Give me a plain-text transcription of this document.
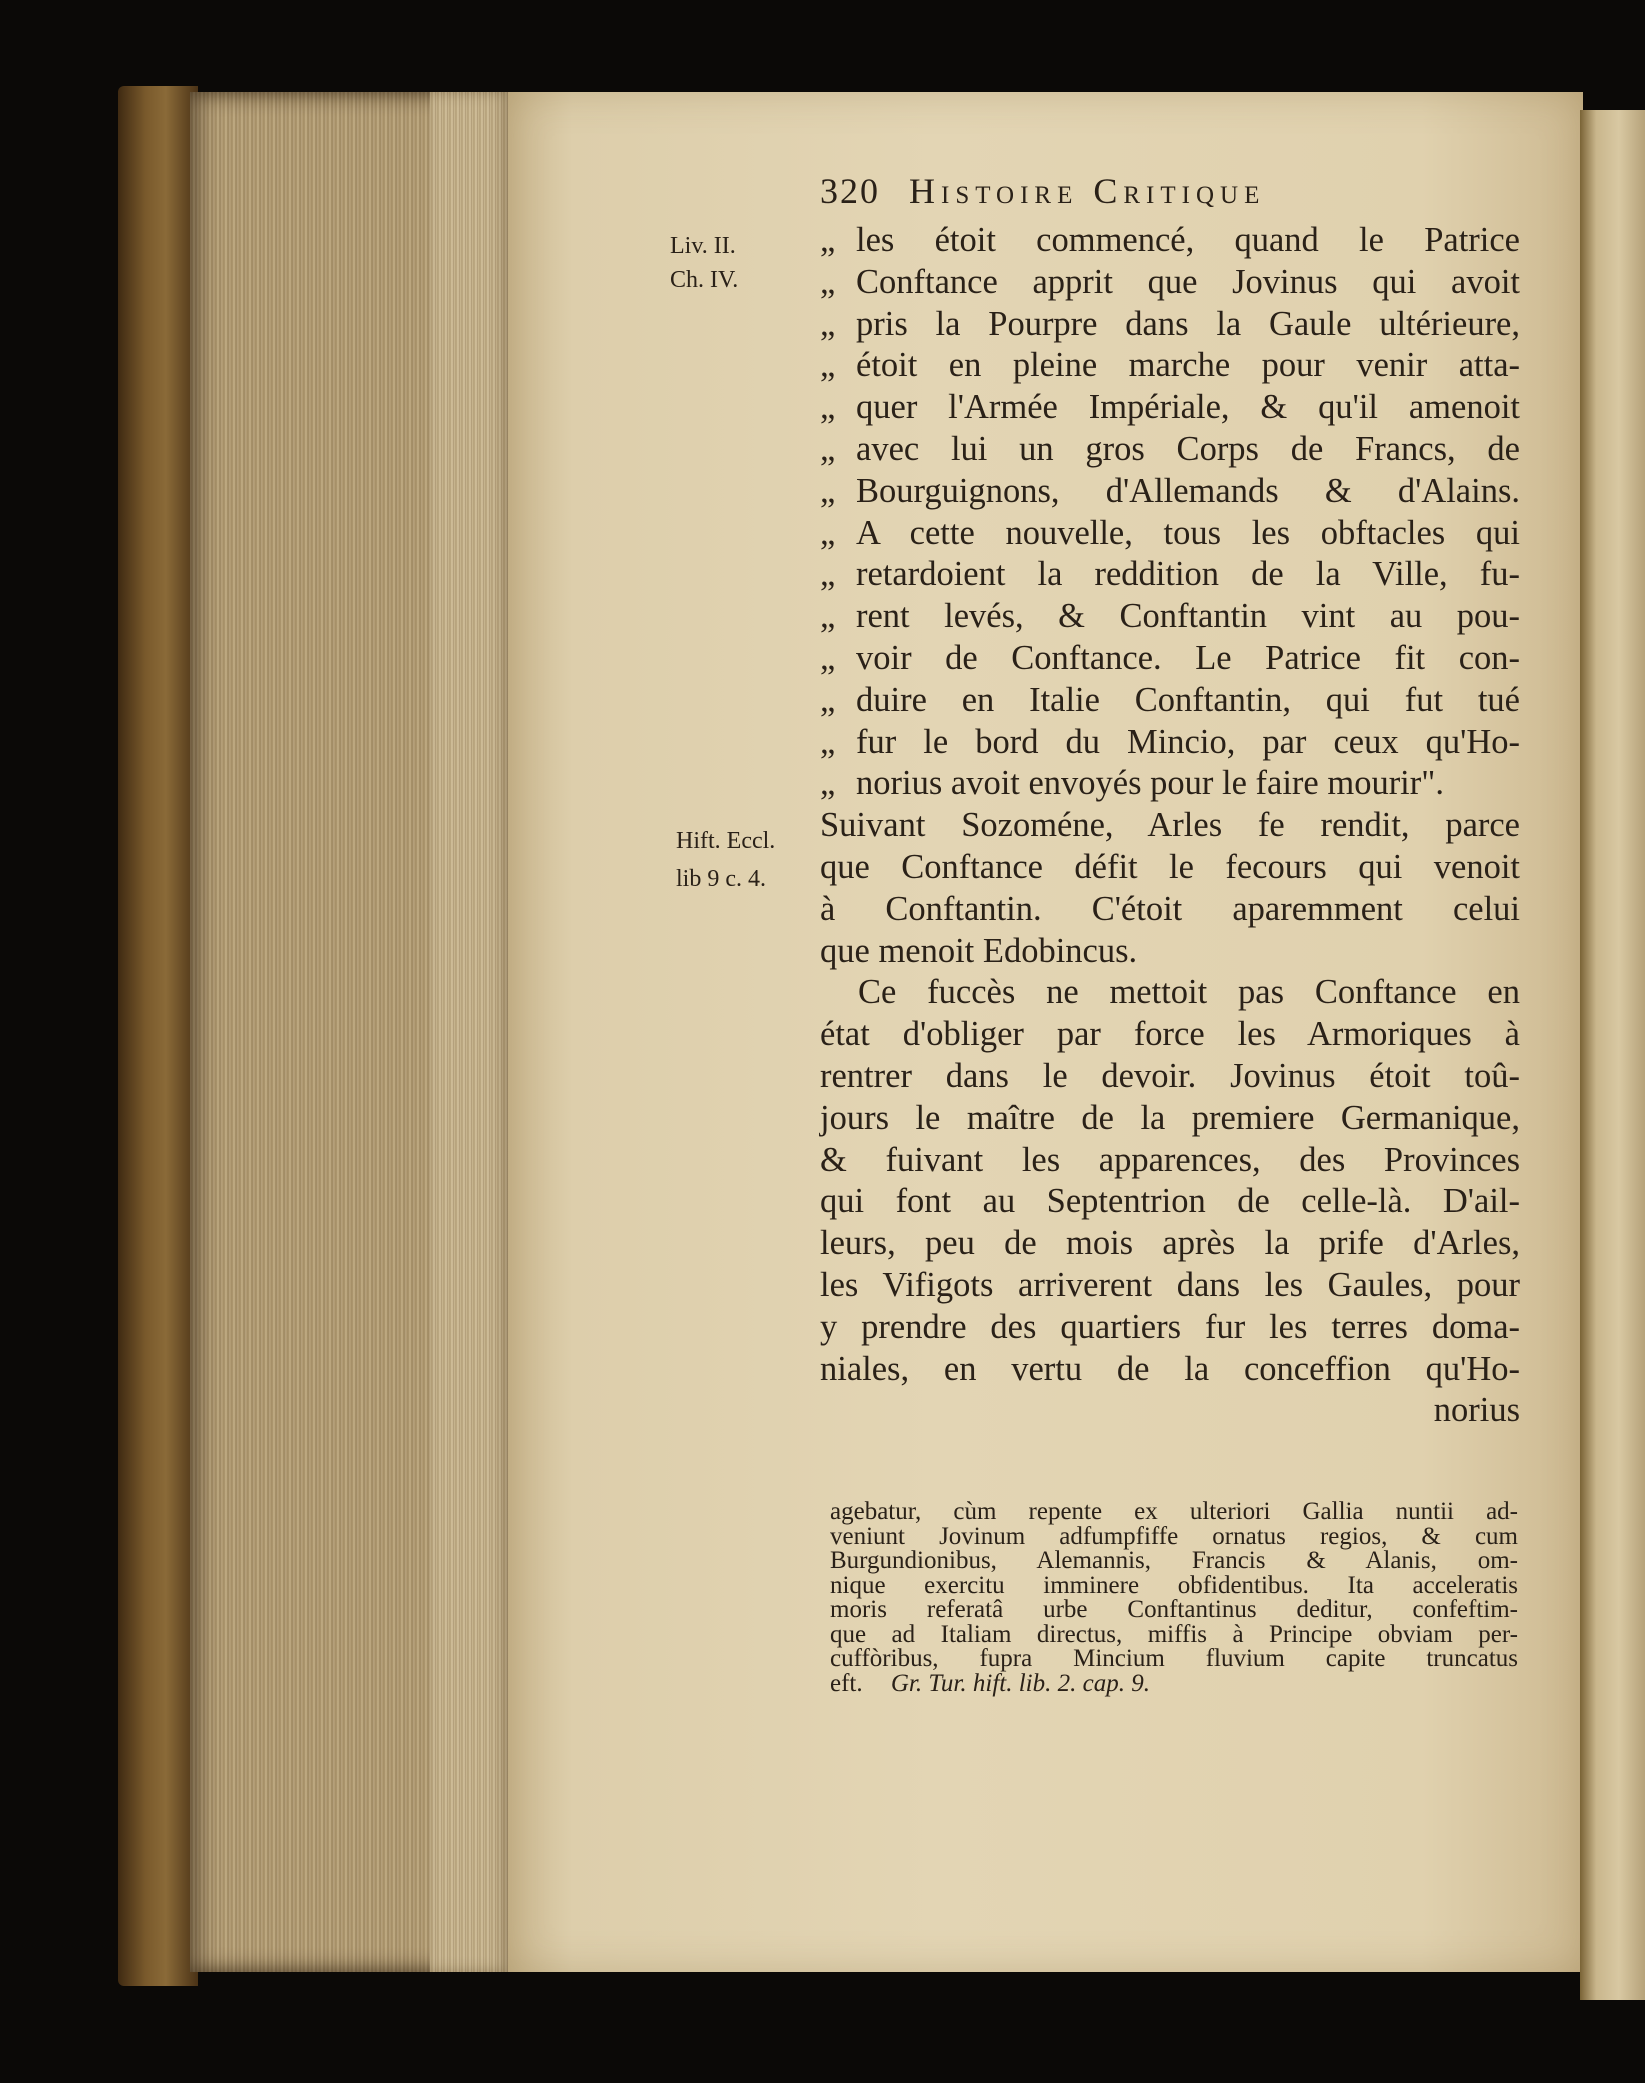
Liv. II.
Ch. IV.
Hift. Eccl.
lib 9 c. 4.
320 Histoire Critique
„ les étoit commencé, quand le Patrice
„ Conftance apprit que Jovinus qui avoit
„ pris la Pourpre dans la Gaule ultérieure,
„ étoit en pleine marche pour venir atta-
„ quer l'Armée Impériale, & qu'il amenoit
„ avec lui un gros Corps de Francs, de
„ Bourguignons, d'Allemands & d'Alains.
„ A cette nouvelle, tous les obftacles qui
„ retardoient la reddition de la Ville, fu-
„ rent levés, & Conftantin vint au pou-
„ voir de Conftance. Le Patrice fit con-
„ duire en Italie Conftantin, qui fut tué
„ fur le bord du Mincio, par ceux qu'Ho-
„ norius avoit envoyés pour le faire mourir".
Suivant Sozoméne, Arles fe rendit, parce
que Conftance défit le fecours qui venoit
à Conftantin. C'étoit aparemment celui
que menoit Edobincus.
Ce fuccès ne mettoit pas Conftance en
état d'obliger par force les Armoriques à
rentrer dans le devoir. Jovinus étoit toû-
jours le maître de la premiere Germanique,
& fuivant les apparences, des Provinces
qui font au Septentrion de celle-là. D'ail-
leurs, peu de mois après la prife d'Arles,
les Vifigots arriverent dans les Gaules, pour
y prendre des quartiers fur les terres doma-
niales, en vertu de la conceffion qu'Ho-
norius
agebatur, cùm repente ex ulteriori Gallia nuntii ad-
veniunt Jovinum adfumpfiffe ornatus regios, & cum
Burgundionibus, Alemannis, Francis & Alanis, om-
nique exercitu imminere obfidentibus. Ita acceleratis
moris referatâ urbe Conftantinus deditur, confeftim-
que ad Italiam directus, miffis à Principe obviam per-
cuffòribus, fupra Mincium fluvium capite truncatus
eft. Gr. Tur. hift. lib. 2. cap. 9.
